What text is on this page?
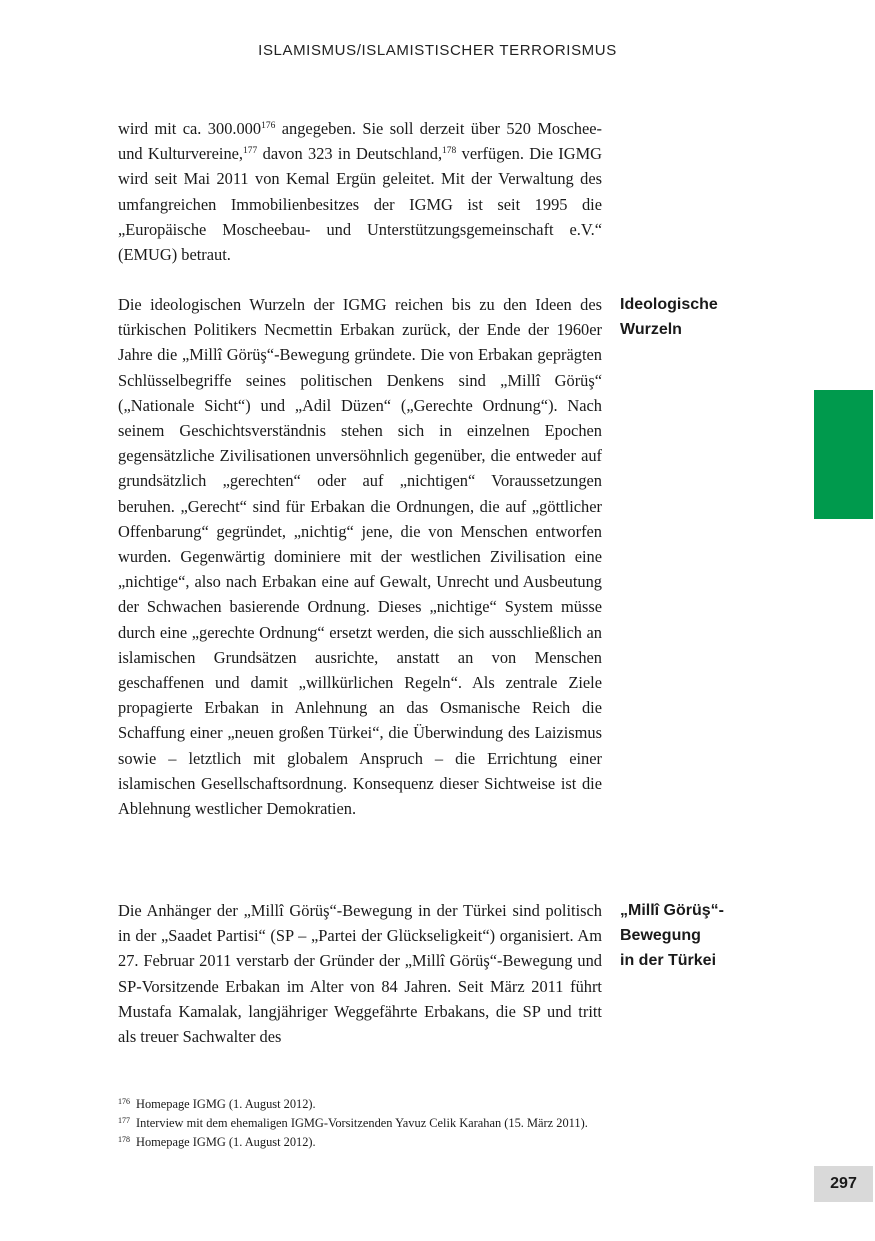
ISLAMISMUS/ISLAMISTISCHER TERRORISMUS

wird mit ca. 300.000$^{176}$ angegeben. Sie soll derzeit über 520 Moschee- und Kulturvereine,$^{177}$ davon 323 in Deutschland,$^{178}$ verfügen. Die IGMG wird seit Mai 2011 von Kemal Ergün geleitet. Mit der Verwaltung des umfangreichen Immobilienbesitzes der IGMG ist seit 1995 die „Europäische Moscheebau- und Unterstützungsgemeinschaft e.V.“ (EMUG) betraut.

Ideologische
Wurzeln

Die ideologischen Wurzeln der IGMG reichen bis zu den Ideen des türkischen Politikers Necmettin Erbakan zurück, der Ende der 1960er Jahre die „Millî Görüş“-Bewegung gründete. Die von Erbakan geprägten Schlüsselbegriffe seines politischen Denkens sind „Millî Görüş“ („Nationale Sicht“) und „Adil Düzen“ („Gerechte Ordnung“). Nach seinem Geschichtsverständnis stehen sich in einzelnen Epochen gegensätzliche Zivilisationen unversöhnlich gegenüber, die entweder auf grundsätzlich „gerechten“ oder auf „nichtigen“ Voraussetzungen beruhen. „Gerecht“ sind für Erbakan die Ordnungen, die auf „göttlicher Offenbarung“ gegründet, „nichtig“ jene, die von Menschen entworfen wurden. Gegenwärtig dominiere mit der westlichen Zivilisation eine „nichtige“, also nach Erbakan eine auf Gewalt, Unrecht und Ausbeutung der Schwachen basierende Ordnung. Dieses „nichtige“ System müsse durch eine „gerechte Ordnung“ ersetzt werden, die sich ausschließlich an islamischen Grundsätzen ausrichte, anstatt an von Menschen geschaffenen und damit „willkürlichen Regeln“. Als zentrale Ziele propagierte Erbakan in Anlehnung an das Osmanische Reich die Schaffung einer „neuen großen Türkei“, die Überwindung des Laizismus sowie – letztlich mit globalem Anspruch – die Errichtung einer islamischen Gesellschaftsordnung. Konsequenz dieser Sichtweise ist die Ablehnung westlicher Demokratien.

„Millî Görüş“-
Bewegung
in der Türkei

Die Anhänger der „Millî Görüş“-Bewegung in der Türkei sind politisch in der „Saadet Partisi“ (SP – „Partei der Glückseligkeit“) organisiert. Am 27. Februar 2011 verstarb der Gründer der „Millî Görüş“-Bewegung und SP-Vorsitzende Erbakan im Alter von 84 Jahren. Seit März 2011 führt Mustafa Kamalak, langjähriger Weggefährte Erbakans, die SP und tritt als treuer Sachwalter des

176 Homepage IGMG (1. August 2012).
177 Interview mit dem ehemaligen IGMG-Vorsitzenden Yavuz Celik Karahan (15. März 2011).
178 Homepage IGMG (1. August 2012).
297
